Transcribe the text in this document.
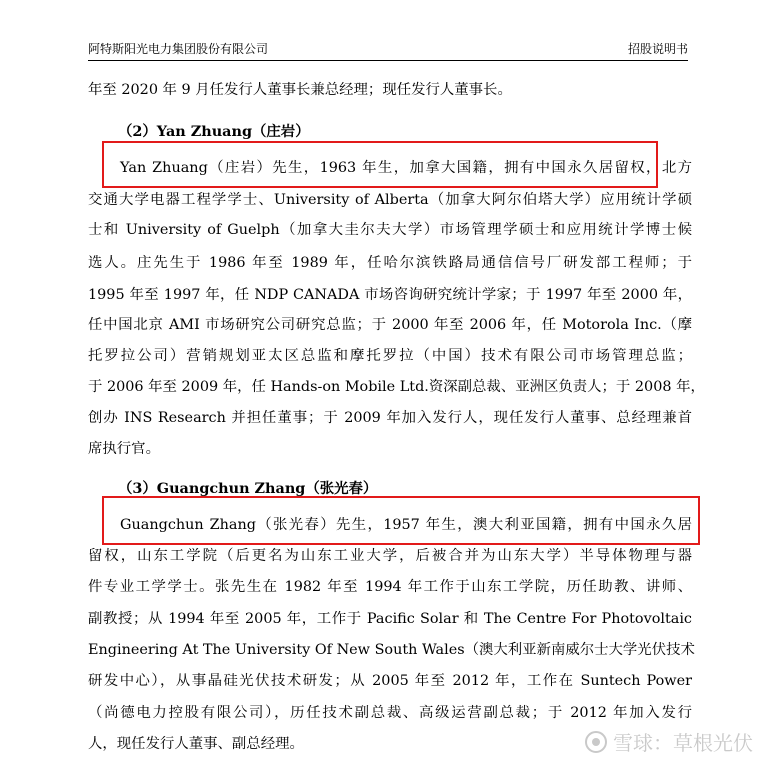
阿特斯阳光电力集团股份有限公司	招股说明书
年至 2020 年 9 月任发行人董事长兼总经理；现任发行人董事长。
（2）Yan Zhuang（庄岩）
Yan Zhuang（庄岩）先生，1963 年生，加拿大国籍，拥有中国永久居留权，北方
交通大学电器工程学学士、University of Alberta（加拿大阿尔伯塔大学）应用统计学硕
士和 University of Guelph（加拿大圭尔夫大学）市场管理学硕士和应用统计学博士候
选人。庄先生于 1986 年至 1989 年，任哈尔滨铁路局通信信号厂研发部工程师；于
1995 年至 1997 年，任 NDP CANADA 市场咨询研究统计学家；于 1997 年至 2000 年，
任中国北京 AMI 市场研究公司研究总监；于 2000 年至 2006 年，任 Motorola Inc.（摩
托罗拉公司）营销规划亚太区总监和摩托罗拉（中国）技术有限公司市场管理总监；
于 2006 年至 2009 年，任 Hands-on Mobile Ltd.资深副总裁、亚洲区负责人；于 2008 年，
创办 INS Research 并担任董事；于 2009 年加入发行人，现任发行人董事、总经理兼首
席执行官。
（3）Guangchun Zhang（张光春）
Guangchun Zhang（张光春）先生，1957 年生，澳大利亚国籍，拥有中国永久居
留权，山东工学院（后更名为山东工业大学，后被合并为山东大学）半导体物理与器
件专业工学学士。张先生在 1982 年至 1994 年工作于山东工学院，历任助教、讲师、
副教授；从 1994 年至 2005 年，工作于 Pacific Solar 和 The Centre For Photovoltaic
Engineering At The University Of New South Wales（澳大利亚新南威尔士大学光伏技术
研发中心），从事晶硅光伏技术研发；从 2005 年至 2012 年，工作在 Suntech Power
（尚德电力控股有限公司），历任技术副总裁、高级运营副总裁；于 2012 年加入发行
人，现任发行人董事、副总经理。	雪球：草根光伏
